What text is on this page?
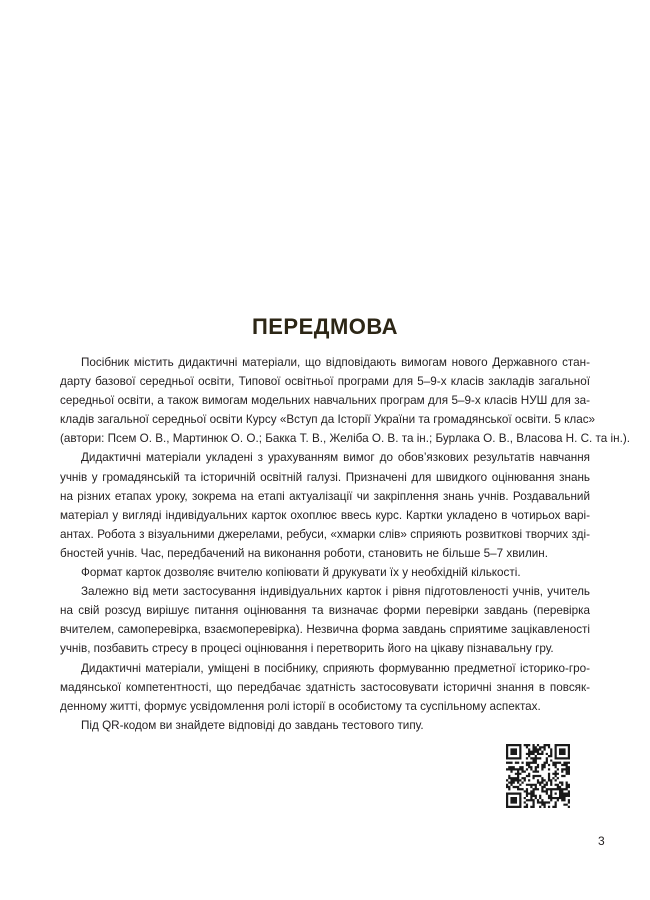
ПЕРЕДМОВА

Посібник містить дидактичні матеріали, що відповідають вимогам нового Державного стан-
дарту базової середньої освіти, Типової освітньої програми для 5–9-х класів закладів загальної
середньої освіти, а також вимогам модельних навчальних програм для 5–9-х класів НУШ для за-
кладів загальної середньої освіти Курсу «Вступ да Історії України та громадянської освіти. 5 клас»
(автори: Псем О. В., Мартинюк О. О.; Бакка Т. В., Желіба О. В. та ін.; Бурлака О. В., Власова Н. С. та ін.).

Дидактичні матеріали укладені з урахуванням вимог до обов’язкових результатів навчання
учнів у громадянській та історичній освітній галузі. Призначені для швидкого оцінювання знань
на різних етапах уроку, зокрема на етапі актуалізації чи закріплення знань учнів. Роздавальний
матеріал у вигляді індивідуальних карток охоплює ввесь курс. Картки укладено в чотирьох варі-
антах. Робота з візуальними джерелами, ребуси, «хмарки слів» сприяють розвиткові творчих зді-
бностей учнів. Час, передбачений на виконання роботи, становить не більше 5–7 хвилин.

Формат карток дозволяє вчителю копіювати й друкувати їх у необхідній кількості.

Залежно від мети застосування індивідуальних карток і рівня підготовленості учнів, учитель
на свій розсуд вирішує питання оцінювання та визначає форми перевірки завдань (перевірка
вчителем, самоперевірка, взаємоперевірка). Незвична форма завдань сприятиме зацікавленості
учнів, позбавить стресу в процесі оцінювання і перетворить його на цікаву пізнавальну гру.

Дидактичні матеріали, уміщені в посібнику, сприяють формуванню предметної історико-гро-
мадянської компетентності, що передбачає здатність застосовувати історичні знання в повсяк-
денному житті, формує усвідомлення ролі історії в особистому та суспільному аспектах.

Під QR-кодом ви знайдете відповіді до завдань тестового типу.

3
